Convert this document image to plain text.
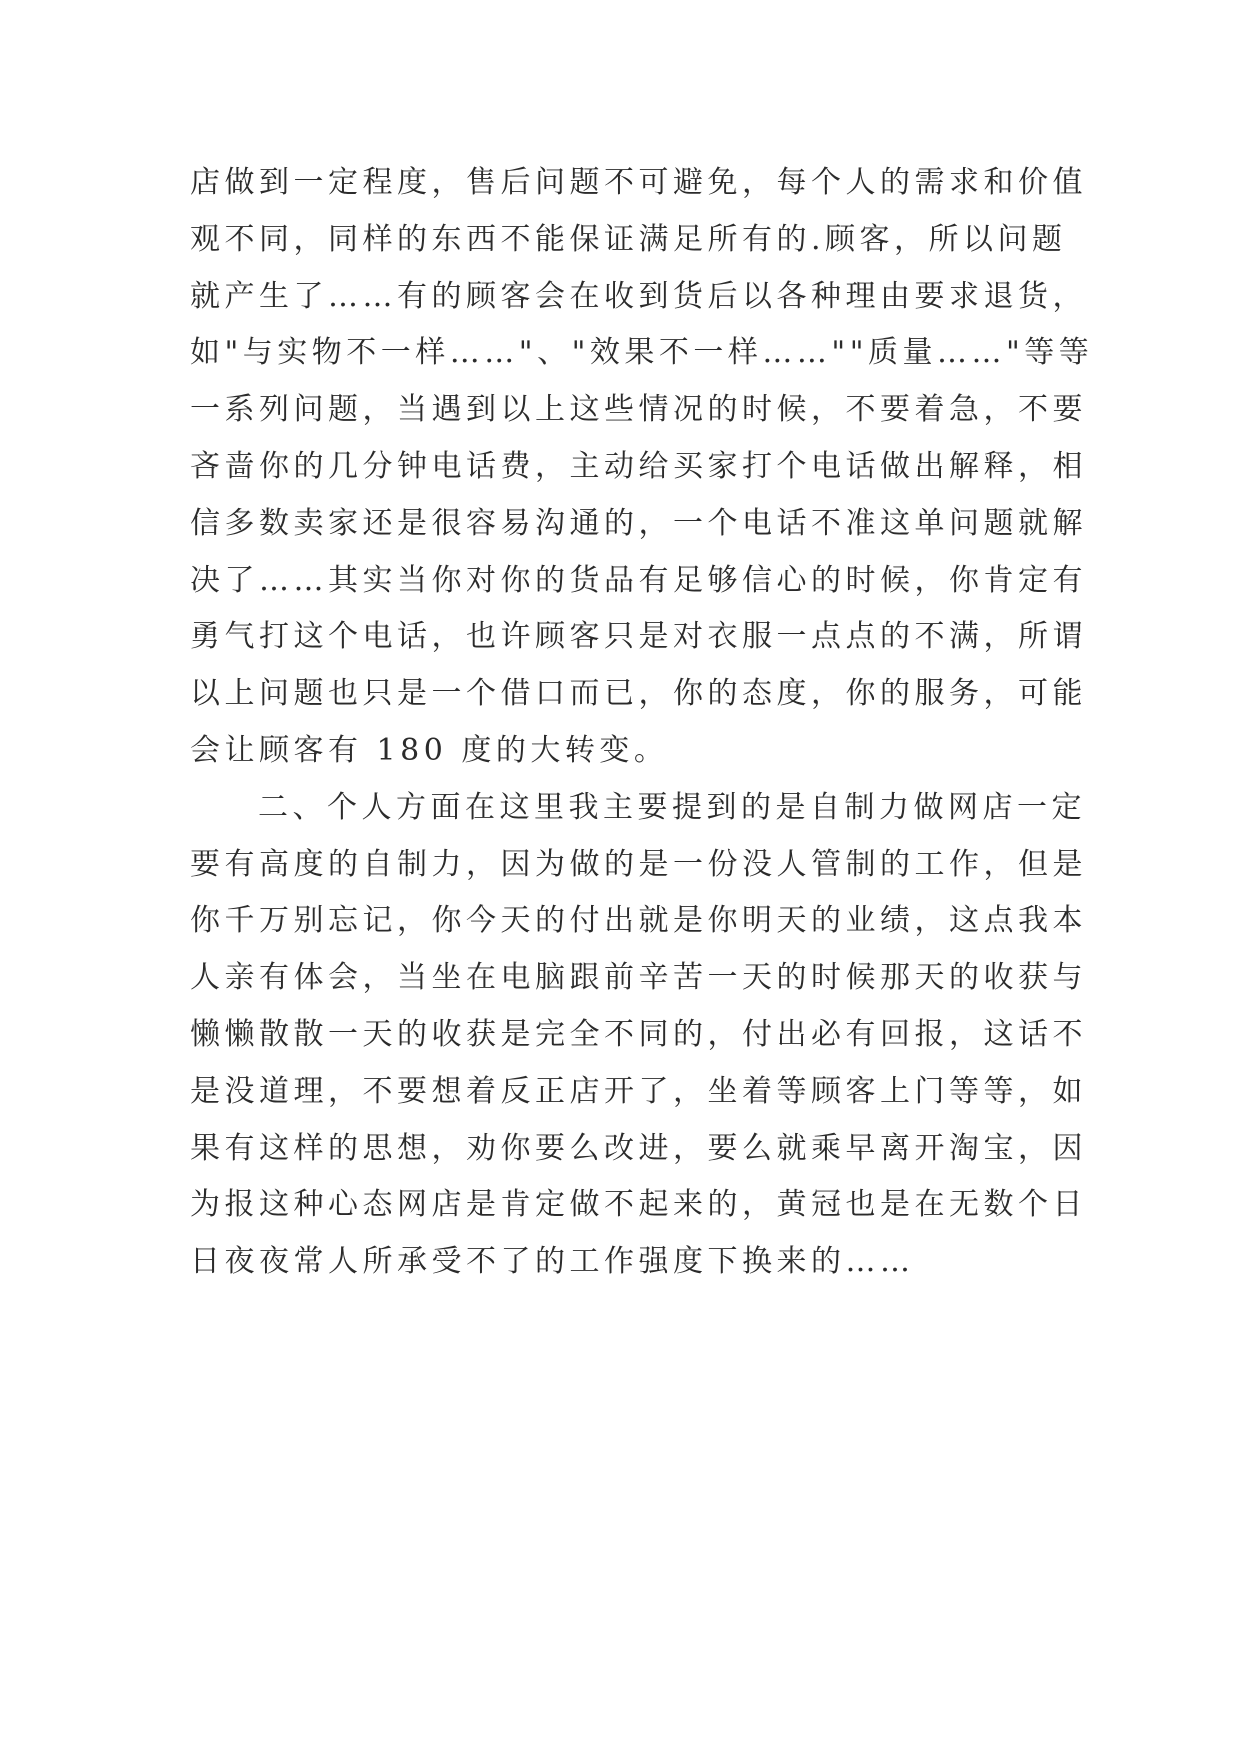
店做到一定程度，售后问题不可避免，每个人的需求和价值
观不同，同样的东西不能保证满足所有的.顾客，所以问题
就产生了……有的顾客会在收到货后以各种理由要求退货，
如"与实物不一样……"、"效果不一样……""质量……"等等
一系列问题，当遇到以上这些情况的时候，不要着急，不要
吝啬你的几分钟电话费，主动给买家打个电话做出解释，相
信多数卖家还是很容易沟通的，一个电话不准这单问题就解
决了……其实当你对你的货品有足够信心的时候，你肯定有
勇气打这个电话，也许顾客只是对衣服一点点的不满，所谓
以上问题也只是一个借口而已，你的态度，你的服务，可能
会让顾客有 180 度的大转变。
二、个人方面在这里我主要提到的是自制力做网店一定
要有高度的自制力，因为做的是一份没人管制的工作，但是
你千万别忘记，你今天的付出就是你明天的业绩，这点我本
人亲有体会，当坐在电脑跟前辛苦一天的时候那天的收获与
懒懒散散一天的收获是完全不同的，付出必有回报，这话不
是没道理，不要想着反正店开了，坐着等顾客上门等等，如
果有这样的思想，劝你要么改进，要么就乘早离开淘宝，因
为报这种心态网店是肯定做不起来的，黄冠也是在无数个日
日夜夜常人所承受不了的工作强度下换来的……
